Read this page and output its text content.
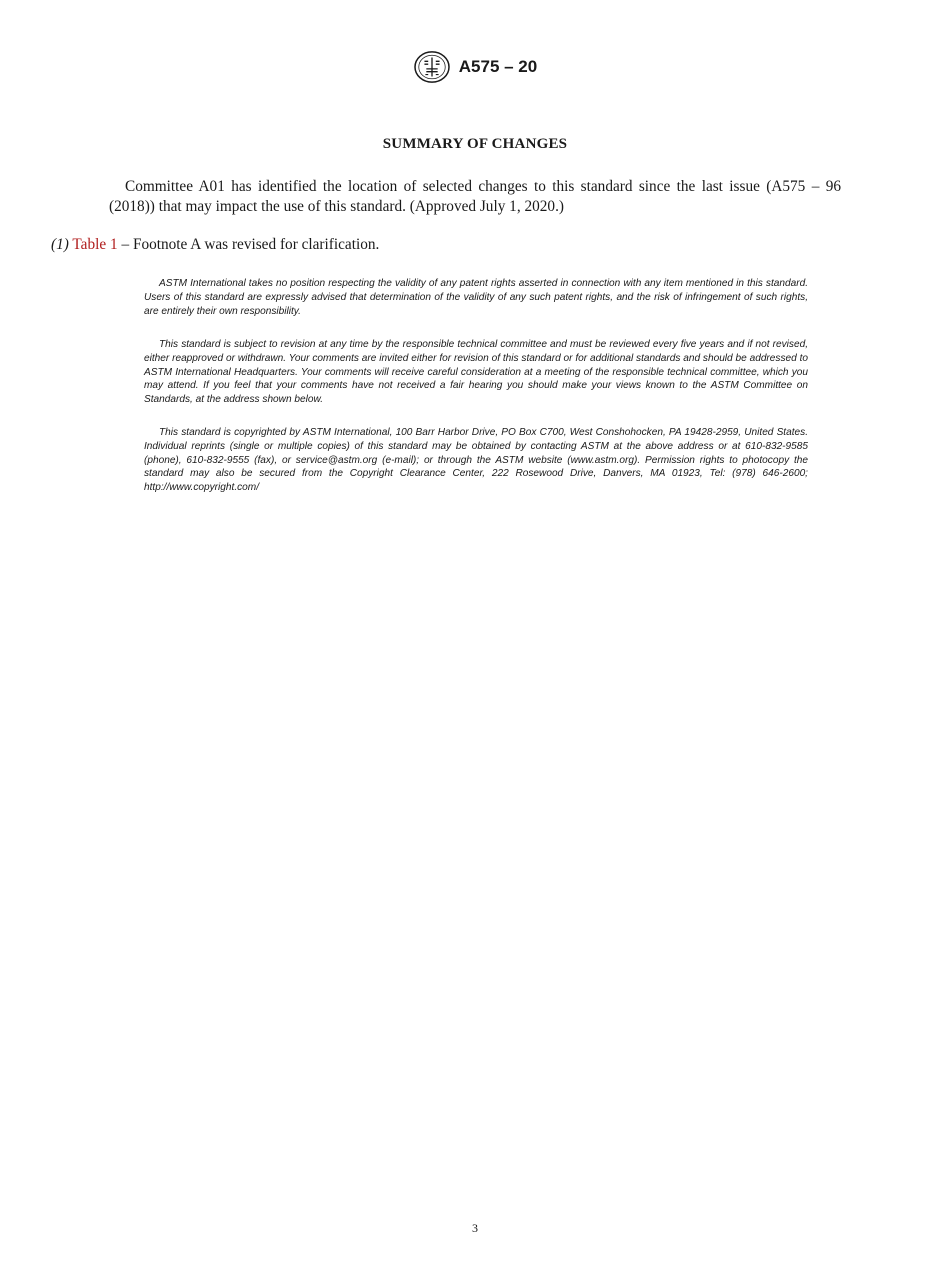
A575 – 20
SUMMARY OF CHANGES
Committee A01 has identified the location of selected changes to this standard since the last issue (A575 – 96 (2018)) that may impact the use of this standard. (Approved July 1, 2020.)
(1) Table 1 – Footnote A was revised for clarification.
ASTM International takes no position respecting the validity of any patent rights asserted in connection with any item mentioned in this standard. Users of this standard are expressly advised that determination of the validity of any such patent rights, and the risk of infringement of such rights, are entirely their own responsibility.
This standard is subject to revision at any time by the responsible technical committee and must be reviewed every five years and if not revised, either reapproved or withdrawn. Your comments are invited either for revision of this standard or for additional standards and should be addressed to ASTM International Headquarters. Your comments will receive careful consideration at a meeting of the responsible technical committee, which you may attend. If you feel that your comments have not received a fair hearing you should make your views known to the ASTM Committee on Standards, at the address shown below.
This standard is copyrighted by ASTM International, 100 Barr Harbor Drive, PO Box C700, West Conshohocken, PA 19428-2959, United States. Individual reprints (single or multiple copies) of this standard may be obtained by contacting ASTM at the above address or at 610-832-9585 (phone), 610-832-9555 (fax), or service@astm.org (e-mail); or through the ASTM website (www.astm.org). Permission rights to photocopy the standard may also be secured from the Copyright Clearance Center, 222 Rosewood Drive, Danvers, MA 01923, Tel: (978) 646-2600; http://www.copyright.com/
3
